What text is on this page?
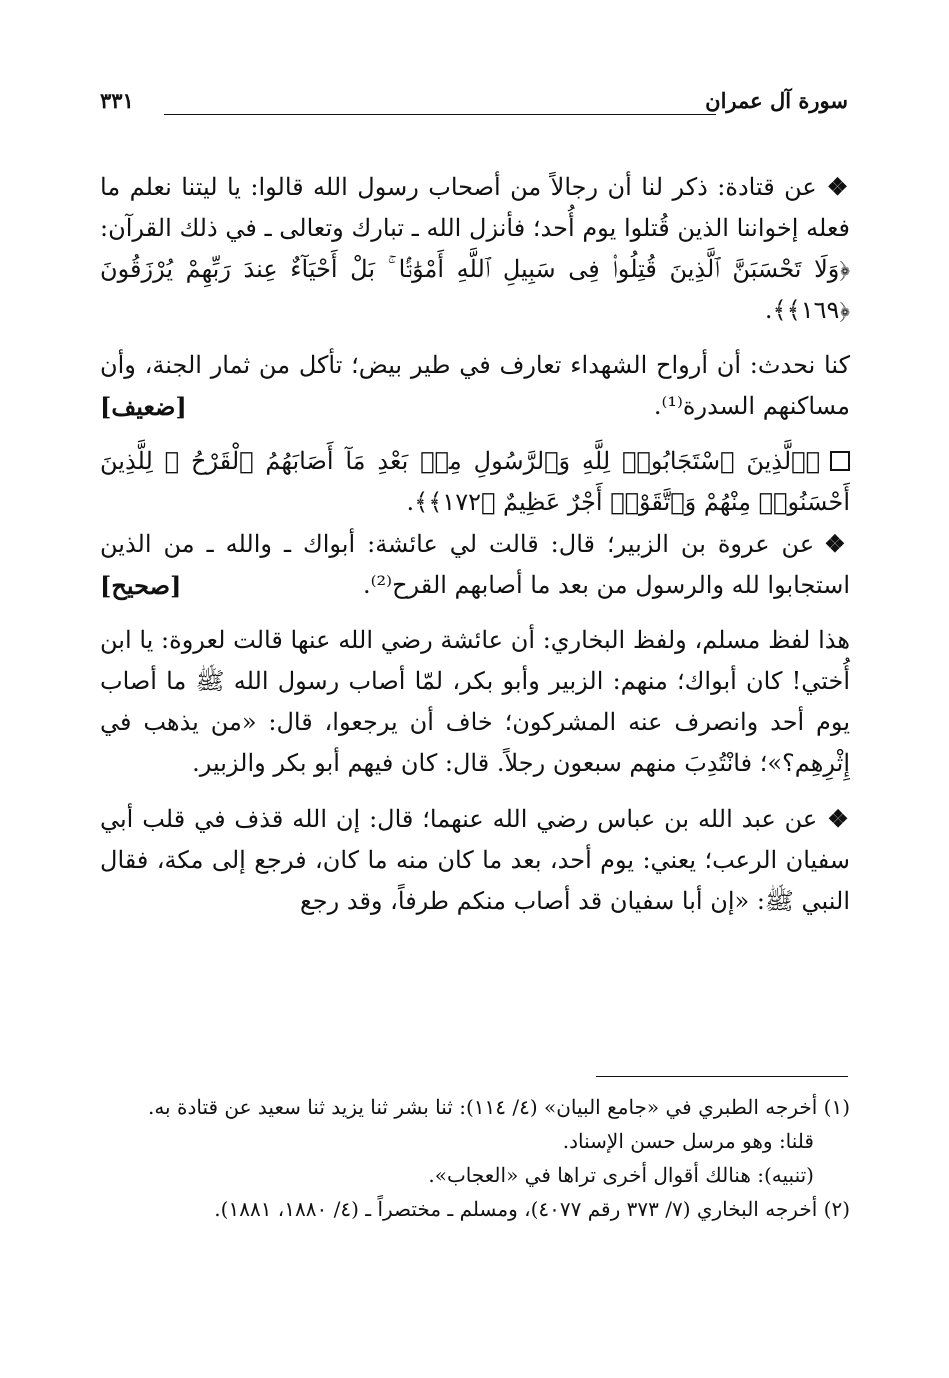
سورة آل عمران
٣٣١

❖عن قتادة: ذكر لنا أن رجالاً من أصحاب رسول الله قالوا: يا ليتنا نعلم ما فعله إخواننا الذين قُتلوا يوم أُحد؛ فأنزل الله ـ تبارك وتعالى ـ في ذلك القرآن: ﴿وَلَا تَحْسَبَنَّ ٱلَّذِينَ قُتِلُوا۟ فِى سَبِيلِ ٱللَّهِ أَمْوَٰتًۢا ۚ بَلْ أَحْيَآءٌ عِندَ رَبِّهِمْ يُرْزَقُونَ ﴿١٦٩﴾﴾.

كنا نحدث: أن أرواح الشهداء تعارف في طير بيض؛ تأكل من ثمار الجنة، وأن مساكنهم السدرة⁽¹⁾.
[ضعيف]

﴿ٱلَّذِينَ ٱسْتَجَابُوا۟ لِلَّهِ وَٱلرَّسُولِ مِنۢ بَعْدِ مَآ أَصَابَهُمُ ٱلْقَرْحُ ۚ لِلَّذِينَ أَحْسَنُوا۟ مِنْهُمْ وَٱتَّقَوْا۟ أَجْرٌ عَظِيمٌ ﴿١٧٢﴾﴾.

❖عن عروة بن الزبير؛ قال: قالت لي عائشة: أبواك ـ والله ـ من الذين استجابوا لله والرسول من بعد ما أصابهم القرح⁽²⁾.
[صحيح]

هذا لفظ مسلم، ولفظ البخاري: أن عائشة رضي الله عنها قالت لعروة: يا ابن أُختي! كان أبواك؛ منهم: الزبير وأبو بكر، لمّا أصاب رسول الله ﷺ ما أصاب يوم أحد وانصرف عنه المشركون؛ خاف أن يرجعوا، قال: «من يذهب في إِثْرِهِم؟»؛ فانْتُدِبَ منهم سبعون رجلاً. قال: كان فيهم أبو بكر والزبير.

❖عن عبد الله بن عباس رضي الله عنهما؛ قال: إن الله قذف في قلب أبي سفيان الرعب؛ يعني: يوم أحد، بعد ما كان منه ما كان، فرجع إلى مكة، فقال النبي ﷺ: «إن أبا سفيان قد أصاب منكم طرفاً، وقد رجع

(١) أخرجه الطبري في «جامع البيان» (٤/ ١١٤): ثنا بشر ثنا يزيد ثنا سعيد عن قتادة به.

قلنا: وهو مرسل حسن الإسناد.

(تنبيه): هنالك أقوال أخرى تراها في «العجاب».

(٢) أخرجه البخاري (٧/ ٣٧٣ رقم ٤٠٧٧)، ومسلم ـ مختصراً ـ (٤/ ١٨٨٠، ١٨٨١).
